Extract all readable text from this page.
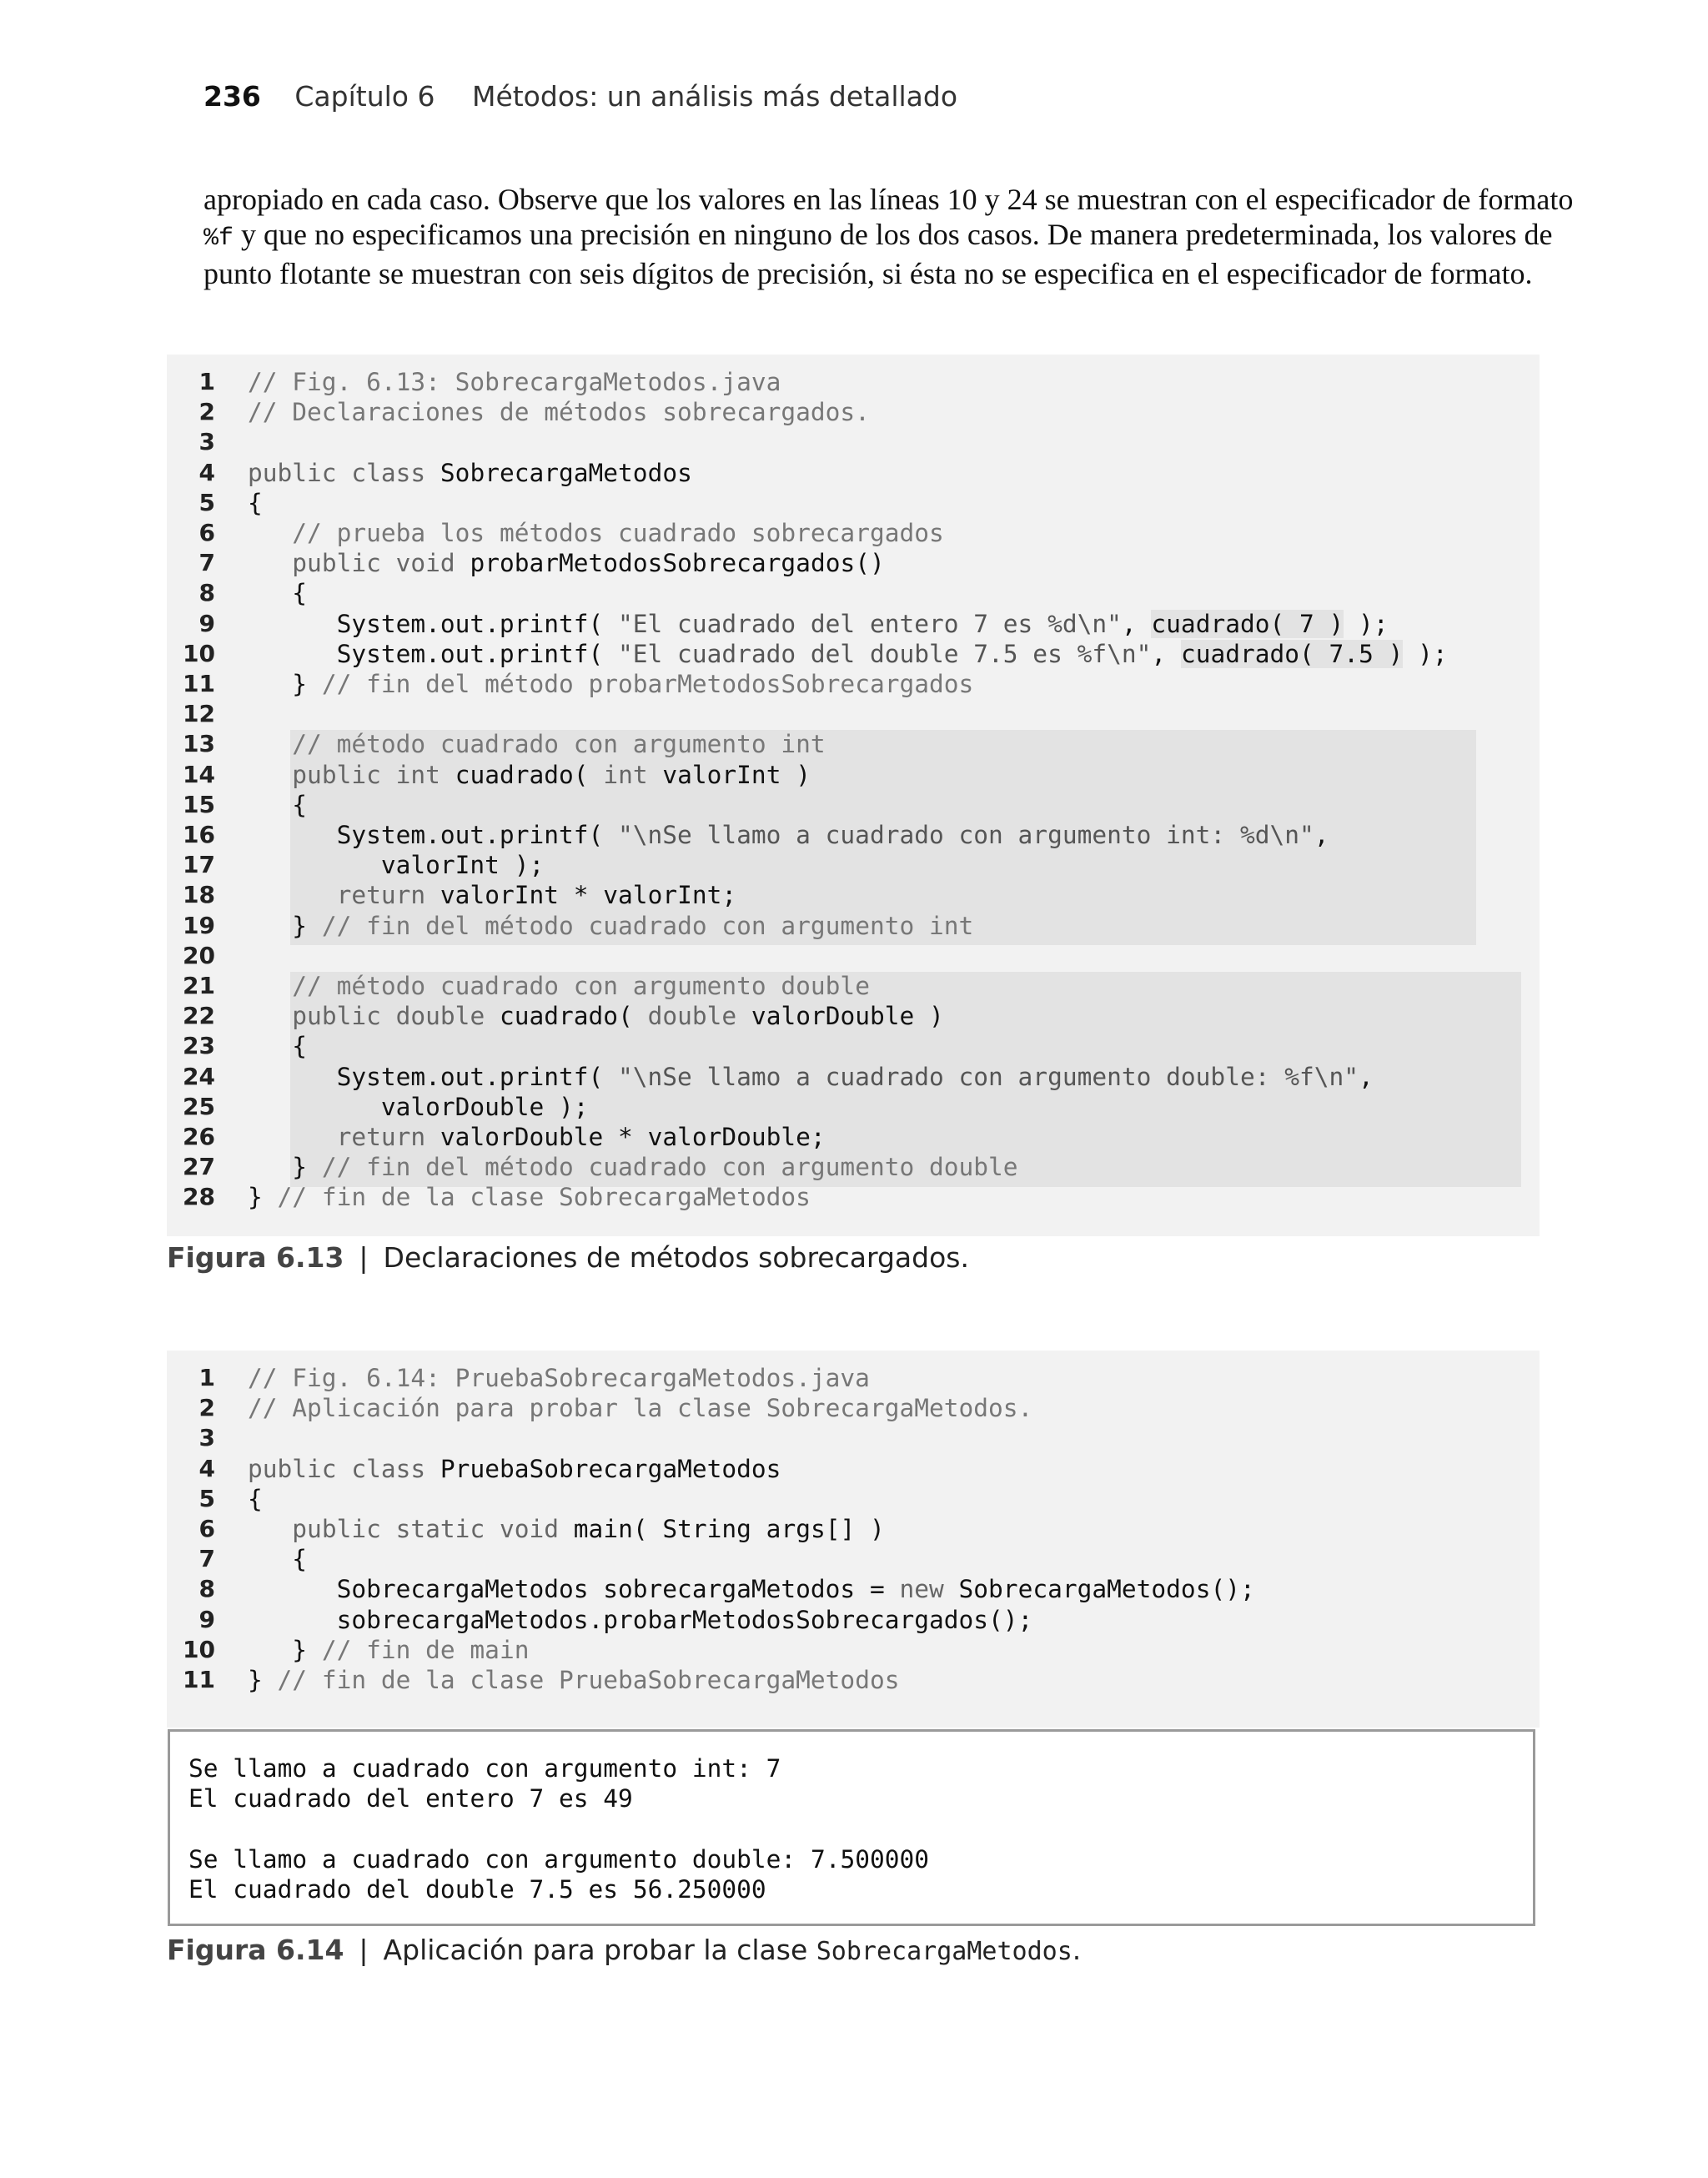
236 Capítulo 6 Métodos: un análisis más detallado

apropiado en cada caso. Observe que los valores en las líneas 10 y 24 se muestran con el especificador de formato
%f y que no especificamos una precisión en ninguno de los dos casos. De manera predeterminada, los valores de
punto flotante se muestran con seis dígitos de precisión, si ésta no se especifica en el especificador de formato.

1 // Fig. 6.13: SobrecargaMetodos.java
2 // Declaraciones de métodos sobrecargados.
3
4 public class SobrecargaMetodos
5 {
6	// prueba los métodos cuadrado sobrecargados
7	public void probarMetodosSobrecargados()
8 {
9 System.out.printf( "El cuadrado del entero 7 es %d\n", cuadrado( 7 ) );
10 System.out.printf( "El cuadrado del double 7.5 es %f\n", cuadrado( 7.5 ) );
11 } // fin del método probarMetodosSobrecargados
12
13	// método cuadrado con argumento int
14	public int cuadrado( int valorInt )
15 {
16 System.out.printf( "\nSe llamo a cuadrado con argumento int: %d\n",
17 valorInt );
18	return valorInt * valorInt;
19 } // fin del método cuadrado con argumento int
20
21	// método cuadrado con argumento double
22	public double cuadrado( double valorDouble )
23 {
24 System.out.printf( "\nSe llamo a cuadrado con argumento double: %f\n",
25 valorDouble );
26	return valorDouble * valorDouble;
27 } // fin del método cuadrado con argumento double
28 } // fin de la clase SobrecargaMetodos
Figura 6.13 | Declaraciones de métodos sobrecargados.
1 // Fig. 6.14: PruebaSobrecargaMetodos.java
2 // Aplicación para probar la clase SobrecargaMetodos.
3
4 public class PruebaSobrecargaMetodos
5 {
6	public static void main( String args[] )
7 {
8 SobrecargaMetodos sobrecargaMetodos = new SobrecargaMetodos();
9 sobrecargaMetodos.probarMetodosSobrecargados();
10 } // fin de main
11 } // fin de la clase PruebaSobrecargaMetodos
Se llamo a cuadrado con argumento int: 7
El cuadrado del entero 7 es 49
Se llamo a cuadrado con argumento double: 7.500000
El cuadrado del double 7.5 es 56.250000
Figura 6.14 | Aplicación para probar la clase SobrecargaMetodos.
